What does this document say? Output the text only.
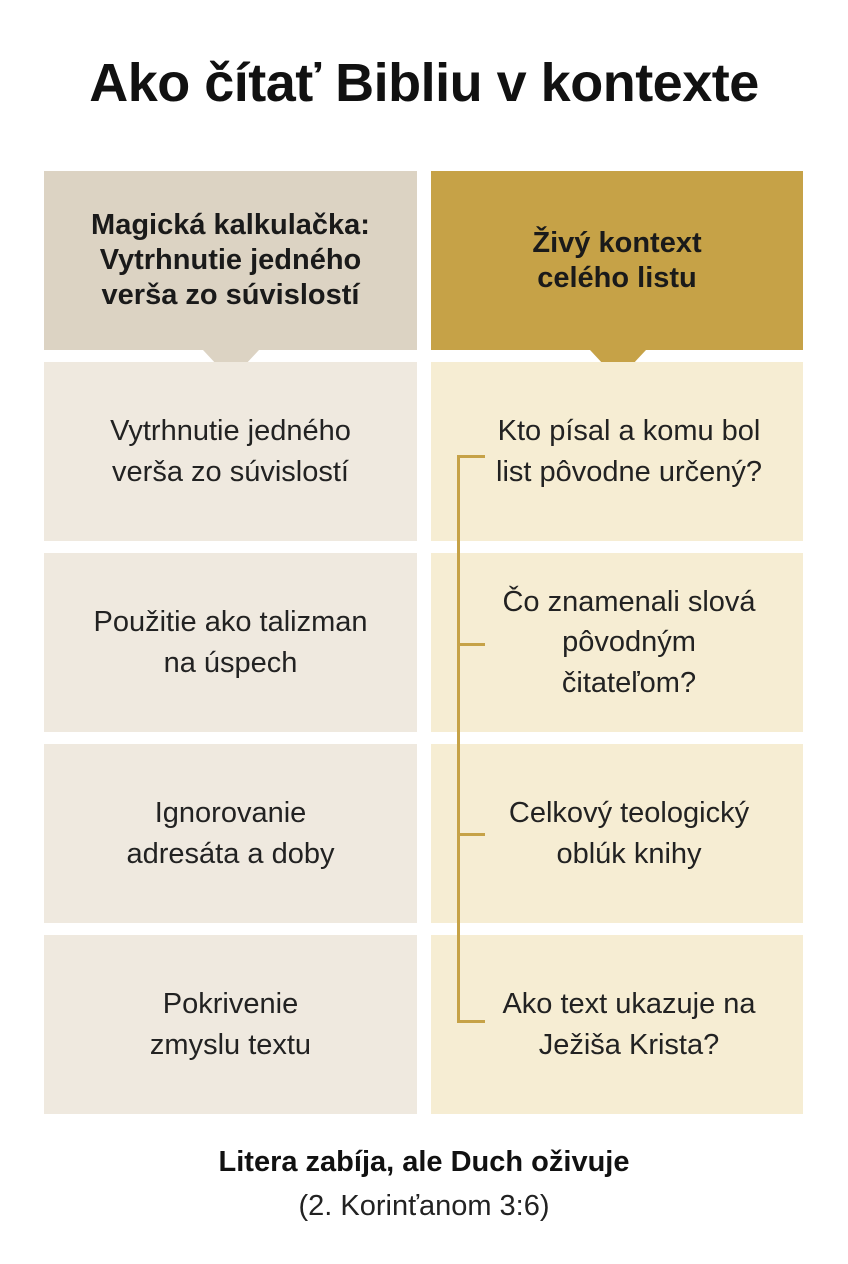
Ako čítať Bibliu v kontexte
Magická kalkulačka: Vytrhnutie jedného verša zo súvislostí
Živý kontext celého listu
Vytrhnutie jedného verša zo súvislostí
Použitie ako talizman na úspech
Ignorovanie adresáta a doby
Pokrivenie zmyslu textu
Kto písal a komu bol list pôvodne určený?
Čo znamenali slová pôvodným čitateľom?
Celkový teologický oblúk knihy
Ako text ukazuje na Ježiša Krista?
Litera zabíja, ale Duch oživuje
(2. Korinťanom 3:6)
